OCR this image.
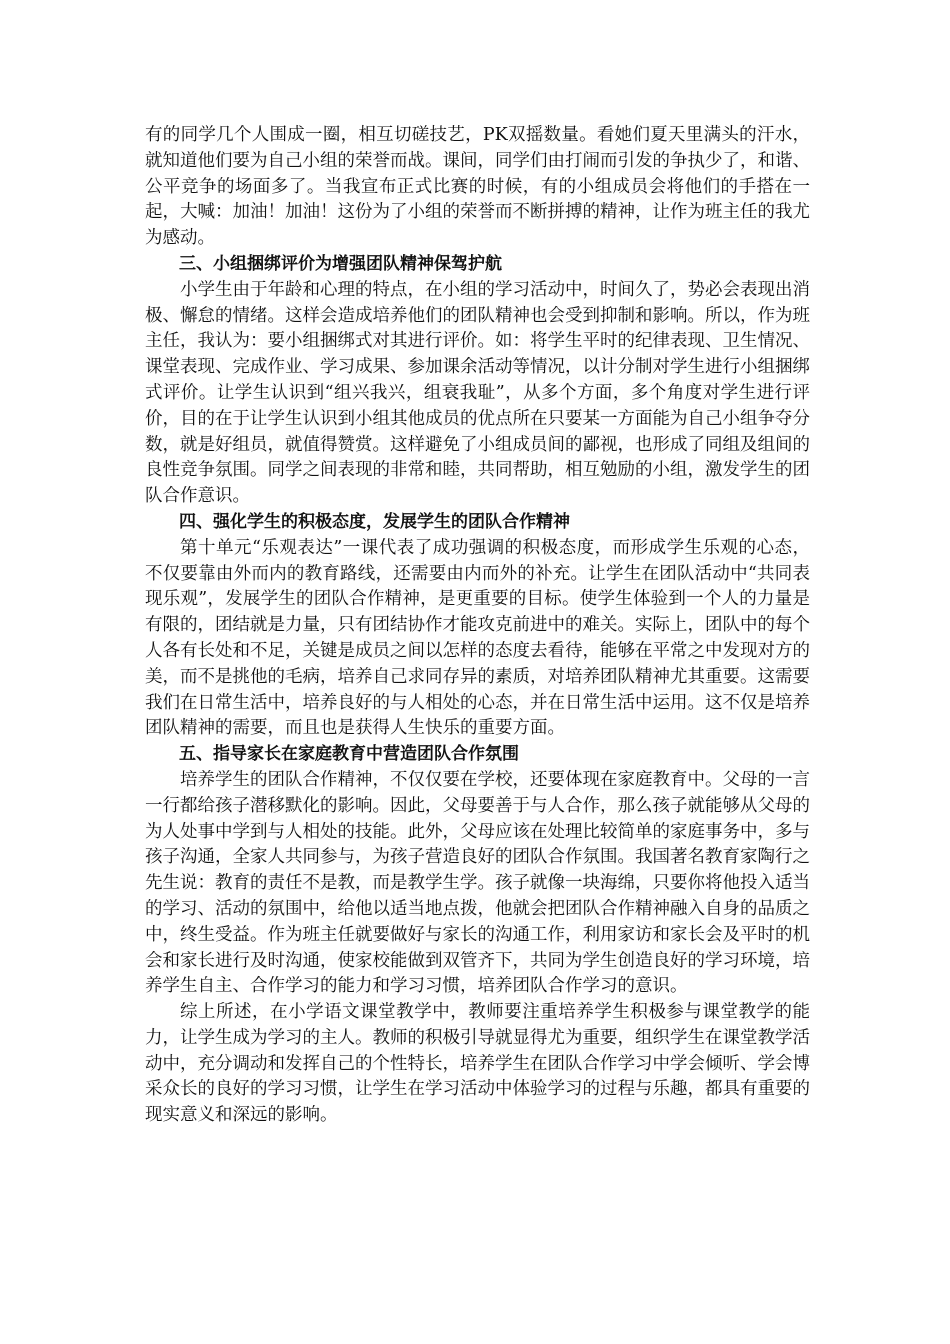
有的同学几个人围成一圈，相互切磋技艺，PK双摇数量。看她们夏天里满头的汗水，就知道他们要为自己小组的荣誉而战。课间，同学们由打闹而引发的争执少了，和谐、公平竞争的场面多了。当我宣布正式比赛的时候，有的小组成员会将他们的手搭在一起，大喊：加油！加油！这份为了小组的荣誉而不断拼搏的精神，让作为班主任的我尤为感动。

三、小组捆绑评价为增强团队精神保驾护航

小学生由于年龄和心理的特点，在小组的学习活动中，时间久了，势必会表现出消极、懈怠的情绪。这样会造成培养他们的团队精神也会受到抑制和影响。所以，作为班主任，我认为：要小组捆绑式对其进行评价。如：将学生平时的纪律表现、卫生情况、课堂表现、完成作业、学习成果、参加课余活动等情况，以计分制对学生进行小组捆绑式评价。让学生认识到“组兴我兴，组衰我耻”，从多个方面，多个角度对学生进行评价，目的在于让学生认识到小组其他成员的优点所在只要某一方面能为自己小组争夺分数，就是好组员，就值得赞赏。这样避免了小组成员间的鄙视，也形成了同组及组间的良性竞争氛围。同学之间表现的非常和睦，共同帮助，相互勉励的小组，激发学生的团队合作意识。

四、强化学生的积极态度，发展学生的团队合作精神

第十单元“乐观表达”一课代表了成功强调的积极态度，而形成学生乐观的心态，不仅要靠由外而内的教育路线，还需要由内而外的补充。让学生在团队活动中“共同表现乐观”，发展学生的团队合作精神，是更重要的目标。使学生体验到一个人的力量是有限的，团结就是力量，只有团结协作才能攻克前进中的难关。实际上，团队中的每个人各有长处和不足，关键是成员之间以怎样的态度去看待，能够在平常之中发现对方的美，而不是挑他的毛病，培养自己求同存异的素质，对培养团队精神尤其重要。这需要我们在日常生活中，培养良好的与人相处的心态，并在日常生活中运用。这不仅是培养团队精神的需要，而且也是获得人生快乐的重要方面。

五、指导家长在家庭教育中营造团队合作氛围

培养学生的团队合作精神，不仅仅要在学校，还要体现在家庭教育中。父母的一言一行都给孩子潜移默化的影响。因此，父母要善于与人合作，那么孩子就能够从父母的为人处事中学到与人相处的技能。此外，父母应该在处理比较简单的家庭事务中，多与孩子沟通，全家人共同参与，为孩子营造良好的团队合作氛围。我国著名教育家陶行之先生说：教育的责任不是教，而是教学生学。孩子就像一块海绵，只要你将他投入适当的学习、活动的氛围中，给他以适当地点拨，他就会把团队合作精神融入自身的品质之中，终生受益。作为班主任就要做好与家长的沟通工作，利用家访和家长会及平时的机会和家长进行及时沟通，使家校能做到双管齐下，共同为学生创造良好的学习环境，培养学生自主、合作学习的能力和学习习惯，培养团队合作学习的意识。

综上所述，在小学语文课堂教学中，教师要注重培养学生积极参与课堂教学的能力，让学生成为学习的主人。教师的积极引导就显得尤为重要，组织学生在课堂教学活动中，充分调动和发挥自己的个性特长，培养学生在团队合作学习中学会倾听、学会博采众长的良好的学习习惯，让学生在学习活动中体验学习的过程与乐趣，都具有重要的现实意义和深远的影响。
